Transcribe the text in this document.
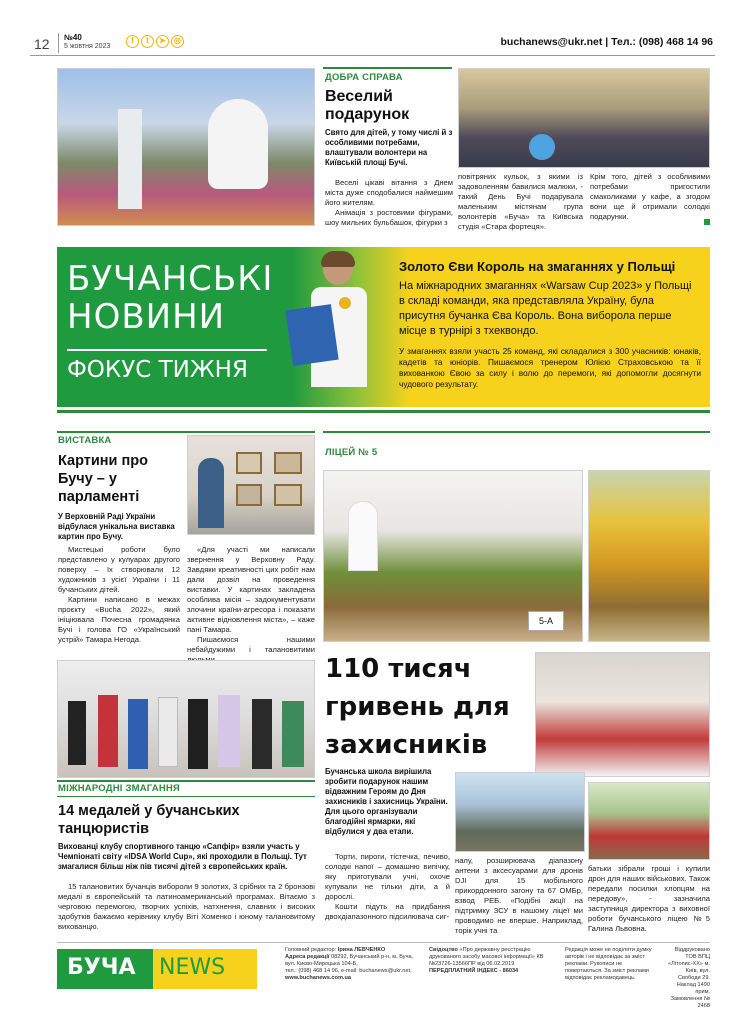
12 №40
5 жовтня 2023
f	t	➤	◎	buchanews@ukr.net | Тел.: (098) 468 14 96
ДОБРА СПРАВА
Веселий
подарунок
Свято для дітей, у тому числі й з особливими потребами, влаштували волонтери на Київській площі Бучі.

Веселі цікаві вітання з Днем міста дуже сподобалися наймешим його жителям.

Анімація з ростовими фігурами, шоу мильних бульбашок, фігурки з

повітряних кульок, з якими із задоволенням бавилися малюки, - такий День Бучі подарувала маленьким містянам група волонтерів «Буча» та Київська студія «Стара фортеця».
Крім того, дітей з особливими потребами пригостили смаколиками у кафе, а згодом вони ще й отримали солодкі подарунки.
БУЧАНСЬКІ
НОВИНИ
ФОКУС ТИЖНЯ
Золото Єви Король на змаганнях у Польщі
На міжнародних змаганнях «Warsaw Cup 2023» у Польщі в складі команди, яка представляла Україну, була присутня бучанка Єва Король. Вона виборола перше місце в турнірі з тхеквондо.
У змаганнях взяли участь 25 команд, які складалися з 300 учасників: юнаків, кадетів та юніорів. Пишаємося тренером Юлією Страховською та її вихованкою Євою за силу і волю до перемоги, які допомогли досягнути чудового результату.
ВИСТАВКА
Картини про Бучу – у парламенті
У Верховній Раді України відбулася унікальна виставка картин про Бучу.

Мистецькі роботи було представлено у кулуарах другого поверху – їх створювали 12 художників з усієї України і 11 бучанських дітей.

Картини написано в межах проєкту «Bucha 2022», який ініціювала Почесна громадянка Бучі і голова ГО «Український устрій» Тамара Негода.

«Для участі ми написали звернення у Верховну Раду. Завдяки креативності цих робіт нам дали дозвіл на проведення виставки. У картинах закладена особлива місія – задокументувати злочини країни-агресора і показати активне відновлення міста», – каже пані Тамара.

Пишаємося нашими небайдужими і талановитими

МІЖНАРОДНІ ЗМАГАННЯ
14 медалей у бучанських танцюристів
Вихованці клубу спортивного танцю «Сапфір» взяли участь у Чемпіонаті світу «IDSA World Cup», які проходили в Польщі. Тут змагалися більш ніж пів тисячі дітей з європейських країн.
15 талановитих бучанців вибороли 9 золотих, 3 срібних та 2 бронзові медалі в європейській та латиноамериканській програмах. Вітаємо з черговою перемогою, творчих успіхів, натхнення, славних і високих здобутків бажаємо керівнику клубу Віті Хоменко і юному талановитому вихованцю.
ЛІЦЕЙ № 5
5-А
110 тисяч
гривень для
захисників
Бучанська школа вирішила зробити подарунок нашим відважним Героям до Дня захисників і захисниць України. Для цього організували благодійні ярмарки, які відбулися у два етапи.

Торти, пироги, тістечка, печиво, солодкі напої – домашню випічку, яку приготували учні, охоче купували не тільки діти, а й дорослі.

Кошти підуть на придбання двохдіапазонного підсилювача сиг-

налу, розширювача діапазону антени з аксесуарами для дронів DJI для 15 мобільного прикордонного загону та 67 ОМБр, взвод РЕБ. «Подібні акції на підтримку ЗСУ в нашому ліцеї ми проводимо не вперше. Наприклад, торік учні та
батьки зібрали гроші і купили дрон для наших військових. Також передали посилки хлопцям на передову», - зазначила заступниця директора з виховної роботи бучанського ліцею №5 Галина Львовна.
БУЧА NEWS
Головний редактор: Ірина ЛЕВЧЕНКО
Адреса редакції 08292, Бучанський р-н, м. Буча, вул. Києво-Мироцька 104-Б,
тел.: (098) 468 14 96, e-mail: buchanews@ukr.net,
www.buchanews.com.ua
Свідоцтво «Про державну реєстрацію друкованого засобу масової інформації» КВ №23726-13566ПР від 06.02.2019
ПЕРЕДПЛАТНИЙ ІНДЕКС - 86034
Редакція може не поділяти думку авторів і не відповідає за зміст реклами. Рукописи не повертаються. За зміст реклами відповідає рекламодавець.
Віддруковано ТОВ ВПЦ «Літопис-ХХ» м. Київ, вул. Свободи 29. Наклад 1490 прим. Замовлення № 2468
